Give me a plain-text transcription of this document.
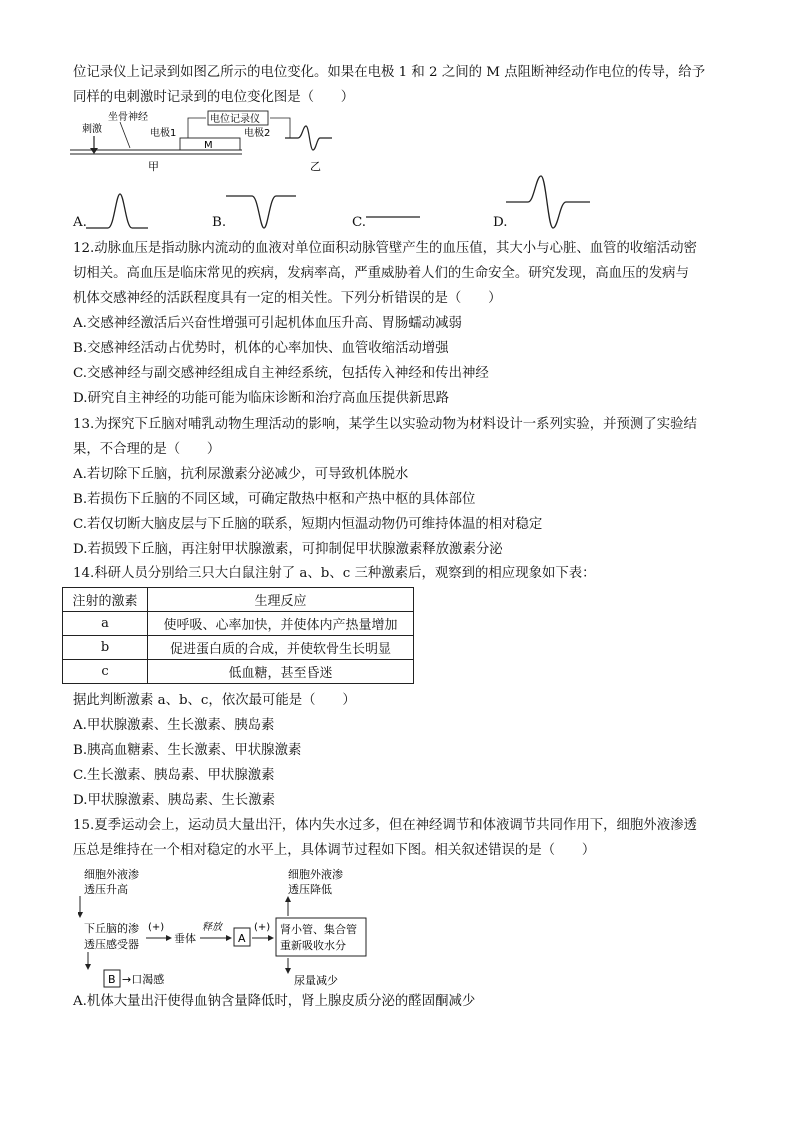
位记录仪上记录到如图乙所示的电位变化。如果在电极 1 和 2 之间的 M 点阻断神经动作电位的传导，给予
同样的电刺激时记录到的电位变化图是（　　）
坐骨神经
刺激
电位记录仪
电极1	电极2
M
甲	乙
A.	B.	C.	D.
12.动脉血压是指动脉内流动的血液对单位面积动脉管壁产生的血压值，其大小与心脏、血管的收缩活动密
切相关。高血压是临床常见的疾病，发病率高，严重威胁着人们的生命安全。研究发现，高血压的发病与
机体交感神经的活跃程度具有一定的相关性。下列分析错误的是（　　）
A.交感神经激活后兴奋性增强可引起机体血压升高、胃肠蠕动减弱
B.交感神经活动占优势时，机体的心率加快、血管收缩活动增强
C.交感神经与副交感神经组成自主神经系统，包括传入神经和传出神经
D.研究自主神经的功能可能为临床诊断和治疗高血压提供新思路
13.为探究下丘脑对哺乳动物生理活动的影响，某学生以实验动物为材料设计一系列实验，并预测了实验结
果，不合理的是（　　）
A.若切除下丘脑，抗利尿激素分泌减少，可导致机体脱水
B.若损伤下丘脑的不同区域，可确定散热中枢和产热中枢的具体部位
C.若仅切断大脑皮层与下丘脑的联系，短期内恒温动物仍可维持体温的相对稳定
D.若损毁下丘脑，再注射甲状腺激素，可抑制促甲状腺激素释放激素分泌
14.科研人员分别给三只大白鼠注射了 a、b、c 三种激素后，观察到的相应现象如下表：
注射的激素	生理反应
a	使呼吸、心率加快，并使体内产热量增加
b	促进蛋白质的合成，并使软骨生长明显
c	低血糖，甚至昏迷
据此判断激素 a、b、c，依次最可能是（　　）
A.甲状腺激素、生长激素、胰岛素
B.胰高血糖素、生长激素、甲状腺激素
C.生长激素、胰岛素、甲状腺激素
D.甲状腺激素、胰岛素、生长激素
15.夏季运动会上，运动员大量出汗，体内失水过多，但在神经调节和体液调节共同作用下，细胞外液渗透
压总是维持在一个相对稳定的水平上，具体调节过程如下图。相关叙述错误的是（　　）
细胞外液渗
透压升高
下丘脑的渗
透压感受器
(+)
垂体
释放
A
(+) 肾小管、集合管
重新吸收水分
细胞外液渗
透压降低
尿量减少
B →口渴感
A.机体大量出汗使得血钠含量降低时，肾上腺皮质分泌的醛固酮减少
